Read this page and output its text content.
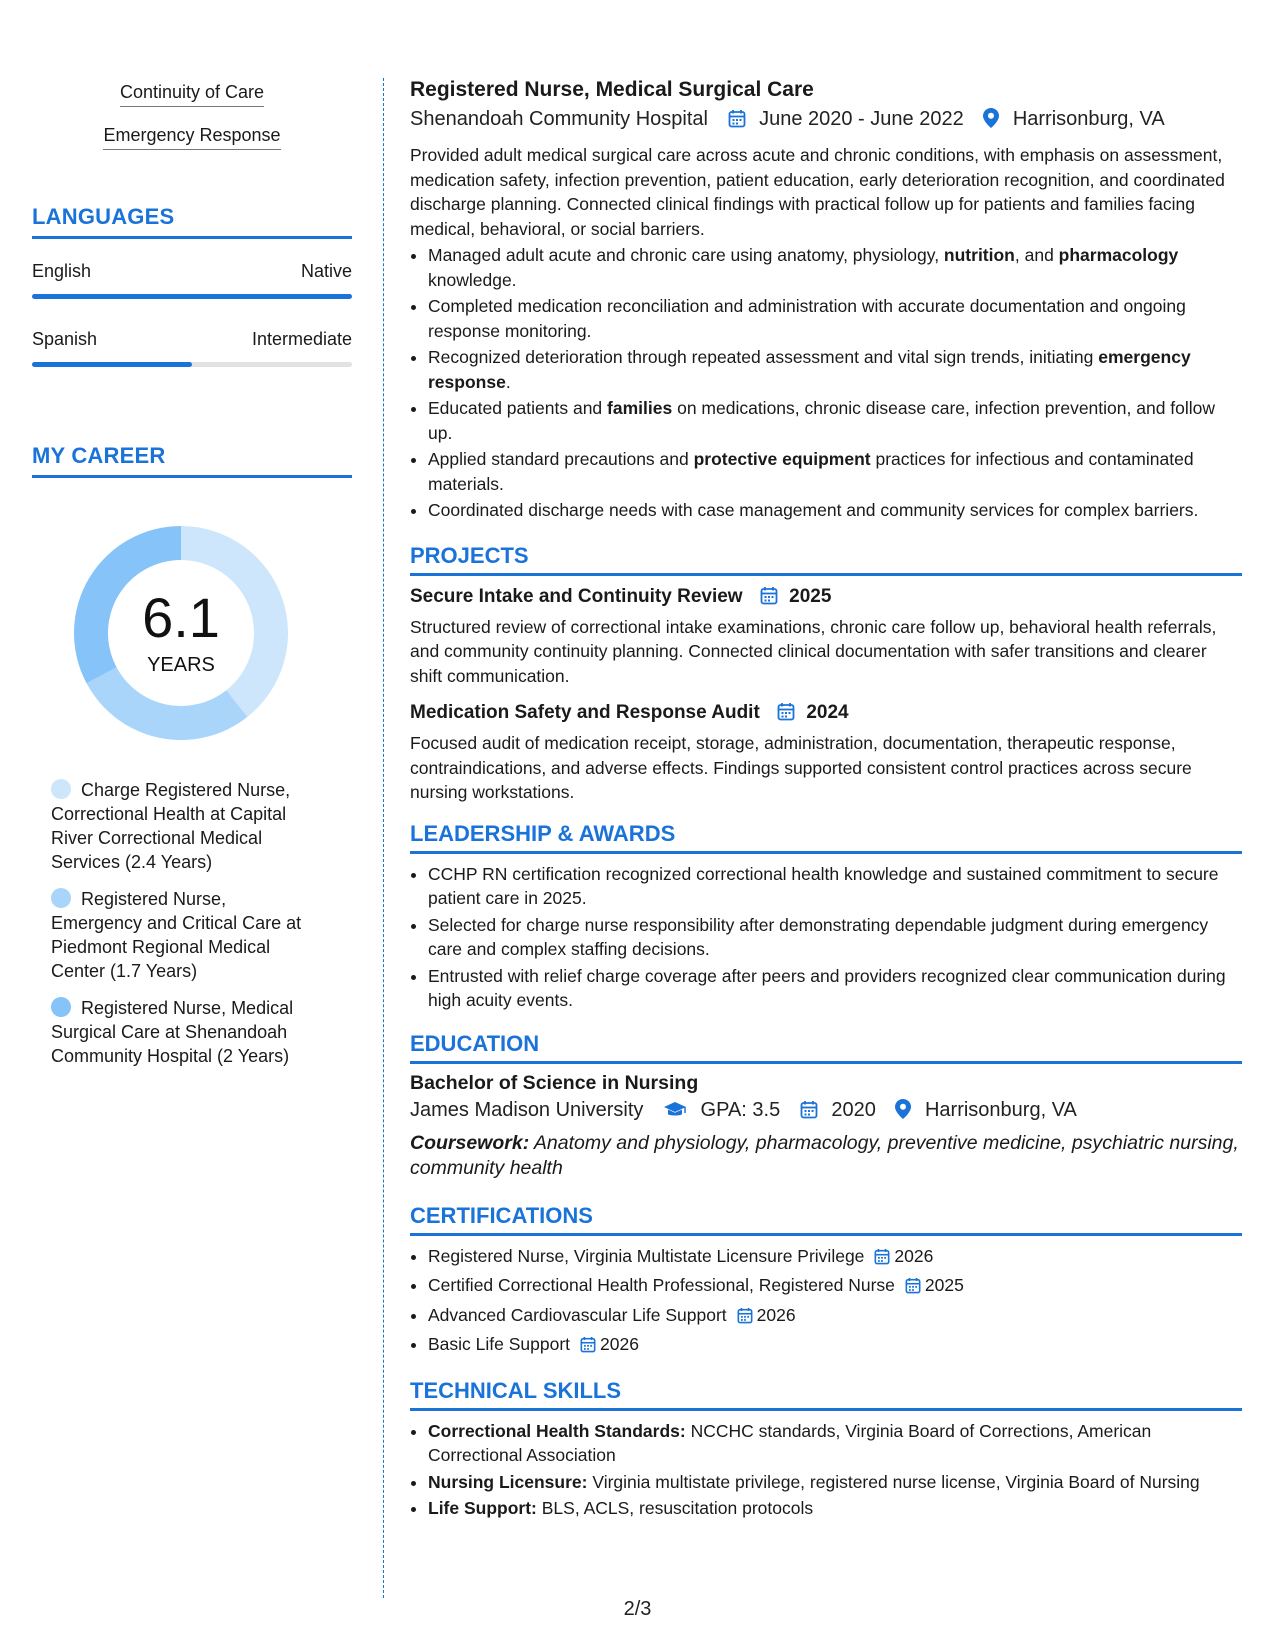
Continuity of Care
Emergency Response
LANGUAGES
English	Native
Spanish	Intermediate
MY CAREER
6.1
YEARS
Charge Registered Nurse, Correctional Health at Capital River Correctional Medical Services (2.4 Years)
Registered Nurse, Emergency and Critical Care at Piedmont Regional Medical Center (1.7 Years)
Registered Nurse, Medical Surgical Care at Shenandoah Community Hospital (2 Years)
Registered Nurse, Medical Surgical Care
Shenandoah Community Hospital	June 2020 - June 2022 Harrisonburg, VA
Provided adult medical surgical care across acute and chronic conditions, with emphasis on assessment, medication safety, infection prevention, patient education, early deterioration recognition, and coordinated discharge planning. Connected clinical findings with practical follow up for patients and families facing medical, behavioral, or social barriers.
• Managed adult acute and chronic care using anatomy, physiology, nutrition, and pharmacology knowledge.
• Completed medication reconciliation and administration with accurate documentation and ongoing response monitoring.
• Recognized deterioration through repeated assessment and vital sign trends, initiating emergency response.
• Educated patients and families on medications, chronic disease care, infection prevention, and follow up.
• Applied standard precautions and protective equipment practices for infectious and contaminated materials.
• Coordinated discharge needs with case management and community services for complex barriers.
PROJECTS
Secure Intake and Continuity Review 2025
Structured review of correctional intake examinations, chronic care follow up, behavioral health referrals, and community continuity planning. Connected clinical documentation with safer transitions and clearer shift communication.
Medication Safety and Response Audit 2024
Focused audit of medication receipt, storage, administration, documentation, therapeutic response, contraindications, and adverse effects. Findings supported consistent control practices across secure nursing workstations.
LEADERSHIP & AWARDS
• CCHP RN certification recognized correctional health knowledge and sustained commitment to secure patient care in 2025.
• Selected for charge nurse responsibility after demonstrating dependable judgment during emergency care and complex staffing decisions.
• Entrusted with relief charge coverage after peers and providers recognized clear communication during high acuity events.
EDUCATION
Bachelor of Science in Nursing
James Madison University	GPA: 3.5	2020 Harrisonburg, VA
Coursework: Anatomy and physiology, pharmacology, preventive medicine, psychiatric nursing, community health
CERTIFICATIONS
• Registered Nurse, Virginia Multistate Licensure Privilege 2026
• Certified Correctional Health Professional, Registered Nurse 2025
• Advanced Cardiovascular Life Support 2026
• Basic Life Support 2026
TECHNICAL SKILLS
• Correctional Health Standards: NCCHC standards, Virginia Board of Corrections, American Correctional Association
• Nursing Licensure: Virginia multistate privilege, registered nurse license, Virginia Board of Nursing
• Life Support: BLS, ACLS, resuscitation protocols
2/3
